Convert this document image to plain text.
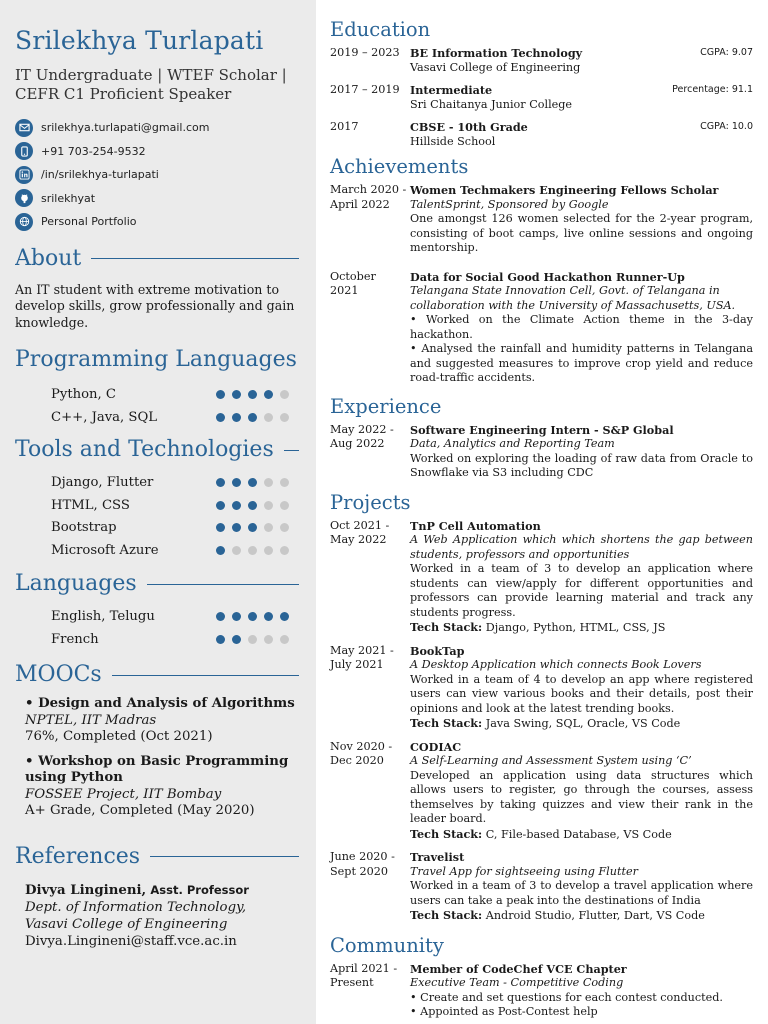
Srilekhya Turlapati
IT Undergraduate | WTEF Scholar | CEFR C1 Proficient Speaker
srilekhya.turlapati@gmail.com
+91 703-254-9532
/in/srilekhya-turlapati
srilekhyat
Personal Portfolio
About
An IT student with extreme motivation to develop skills, grow professionally and gain knowledge.
Programming Languages
Python, C
C++, Java, SQL
Tools and Technologies
Django, Flutter
HTML, CSS
Bootstrap
Microsoft Azure
Languages
English, Telugu
French
MOOCs
• Design and Analysis of Algorithms
NPTEL, IIT Madras
76%, Completed (Oct 2021)
• Workshop on Basic Programming using Python
FOSSEE Project, IIT Bombay
A+ Grade, Completed (May 2020)
References
Divya Lingineni, Asst. Professor
Dept. of Information Technology,
Vasavi College of Engineering
Divya.Lingineni@staff.vce.ac.in
Education
2019 – 2023 BE Information Technology	CGPA: 9.07
Vasavi College of Engineering
2017 – 2019 Intermediate	Percentage: 91.1
Sri Chaitanya Junior College
2017	CBSE - 10th Grade	CGPA: 10.0
Hillside School
Achievements
March 2020 -
April 2022
Women Techmakers Engineering Fellows Scholar
TalentSprint, Sponsored by Google
One amongst 126 women selected for the 2-year program, consisting of boot camps, live online sessions and ongoing mentorship.
October
2021
Data for Social Good Hackathon Runner-Up
Telangana State Innovation Cell, Govt. of Telangana in collaboration with the University of Massachusetts, USA.
• Worked on the Climate Action theme in the 3-day hackathon.
• Analysed the rainfall and humidity patterns in Telangana and suggested measures to improve crop yield and reduce road-traffic accidents.
Experience
May 2022 -
Aug 2022
Software Engineering Intern - S&P Global
Data, Analytics and Reporting Team
Worked on exploring the loading of raw data from Oracle to Snowflake via S3 including CDC
Projects
Oct 2021 -
May 2022
TnP Cell Automation
A Web Application which which shortens the gap between students, professors and opportunities
Worked in a team of 3 to develop an application where students can view/apply for different opportunities and professors can provide learning material and track any students progress.
Tech Stack: Django, Python, HTML, CSS, JS
May 2021 -
July 2021
BookTap
A Desktop Application which connects Book Lovers
Worked in a team of 4 to develop an app where registered users can view various books and their details, post their opinions and look at the latest trending books.
Tech Stack: Java Swing, SQL, Oracle, VS Code
Nov 2020 -
Dec 2020
CODIAC
A Self-Learning and Assessment System using ‘C’
Developed an application using data structures which allows users to register, go through the courses, assess themselves by taking quizzes and view their rank in the leader board.
Tech Stack: C, File-based Database, VS Code
June 2020 -
Sept 2020
Travelist
Travel App for sightseeing using Flutter
Worked in a team of 3 to develop a travel application where users can take a peak into the destinations of India
Tech Stack: Android Studio, Flutter, Dart, VS Code
Community
April 2021 -
Present
Member of CodeChef VCE Chapter
Executive Team - Competitive Coding
• Create and set questions for each contest conducted.
• Appointed as Post-Contest help
